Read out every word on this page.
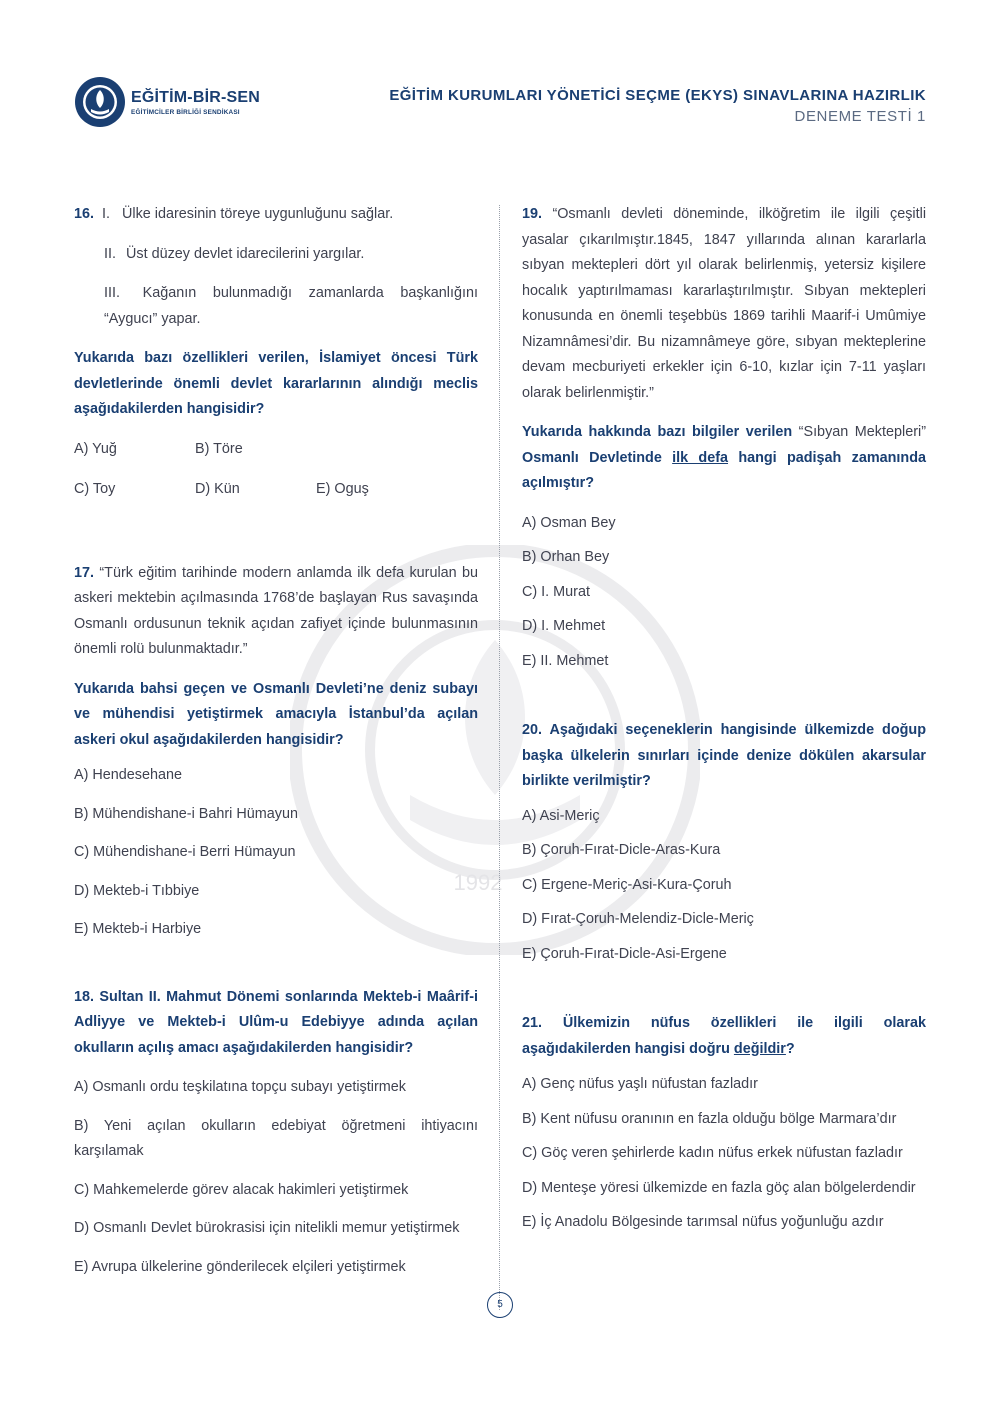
EĞİTİM-BİR-SEN
EĞİTİMCİLER BİRLİĞİ SENDİKASI
EĞİTİM KURUMLARI YÖNETİCİ SEÇME (EKYS) SINAVLARINA HAZIRLIK
DENEME TESTİ 1
1992
16. I. Ülke idaresinin töreye uygunluğunu sağlar.
II. Üst düzey devlet idarecilerini yargılar.
III. Kağanın bulunmadığı zamanlarda başkanlığını “Aygucı” yapar.

Yukarıda bazı özellikleri verilen, İslamiyet öncesi Türk devletlerinde önemli devlet kararlarının alındığı meclis aşağıdakilerden hangisidir?

A) Yuğ	B) Töre
C) Toy	D) Kün	E) Oguş

17. “Türk eğitim tarihinde modern anlamda ilk defa kurulan bu askeri mektebin açılmasında 1768’de başlayan Rus savaşında Osmanlı ordusunun teknik açıdan zafiyet içinde bulunmasının önemli rolü bulunmaktadır.”

Yukarıda bahsi geçen ve Osmanlı Devleti’ne deniz subayı ve mühendisi yetiştirmek amacıyla İstanbul’da açılan askeri okul aşağıdakilerden hangisidir?

A) Hendesehane

B) Mühendishane-i Bahri Hümayun

C) Mühendishane-i Berri Hümayun

D) Mekteb-i Tıbbiye

E) Mekteb-i Harbiye

18. Sultan II. Mahmut Dönemi sonlarında Mekteb-i Maârif-i Adliyye ve Mekteb-i Ulûm-u Edebiyye adında açılan okulların açılış amacı aşağıdakilerden hangisidir?

A) Osmanlı ordu teşkilatına topçu subayı yetiştirmek

B) Yeni açılan okulların edebiyat öğretmeni ihtiyacını karşılamak

C) Mahkemelerde görev alacak hakimleri yetiştirmek

D) Osmanlı Devlet bürokrasisi için nitelikli memur yetiştirmek

E) Avrupa ülkelerine gönderilecek elçileri yetiştirmek

19. “Osmanlı devleti döneminde, ilköğretim ile ilgili çeşitli yasalar çıkarılmıştır.1845, 1847 yıllarında alınan kararlarla sıbyan mektepleri dört yıl olarak belirlenmiş, yetersiz kişilere hocalık yaptırılmaması kararlaştırılmıştır. Sıbyan mektepleri konusunda en önemli teşebbüs 1869 tarihli Maarif-i Umûmiye Nizamnâmesi’dir. Bu nizamnâmeye göre, sıbyan mekteplerine devam mecburiyeti erkekler için 6-10, kızlar için 7-11 yaşları olarak belirlenmiştir.”

Yukarıda hakkında bazı bilgiler verilen “Sıbyan Mektepleri” Osmanlı Devletinde ilk defa hangi padişah zamanında açılmıştır?

A) Osman Bey

B) Orhan Bey

C) I. Murat

D) I. Mehmet

E) II. Mehmet

20. Aşağıdaki seçeneklerin hangisinde ülkemizde doğup başka ülkelerin sınırları içinde denize dökülen akarsular birlikte verilmiştir?

A) Asi-Meriç

B) Çoruh-Fırat-Dicle-Aras-Kura

C) Ergene-Meriç-Asi-Kura-Çoruh

D) Fırat-Çoruh-Melendiz-Dicle-Meriç

E) Çoruh-Fırat-Dicle-Asi-Ergene

21. Ülkemizin nüfus özellikleri ile ilgili olarak aşağıdakilerden hangisi doğru değildir?

A) Genç nüfus yaşlı nüfustan fazladır

B) Kent nüfusu oranının en fazla olduğu bölge Marmara’dır

C) Göç veren şehirlerde kadın nüfus erkek nüfustan fazladır

D) Menteşe yöresi ülkemizde en fazla göç alan bölgelerdendir

E) İç Anadolu Bölgesinde tarımsal nüfus yoğunluğu azdır

5
